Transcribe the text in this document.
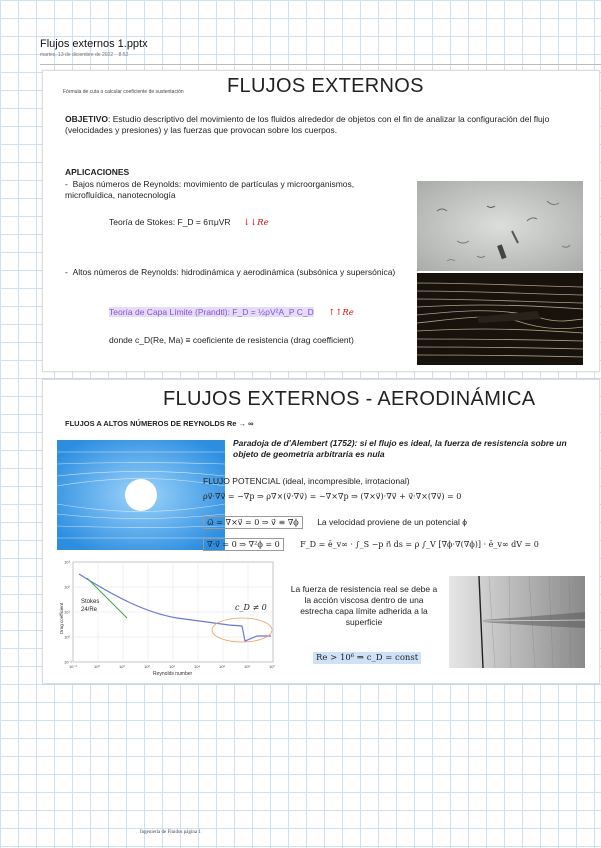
Flujos externos 1.pptx
martes, 13 de diciembre de 2022 8:52
Fórmula de cuta o calcular coeficiente de sustentación FLUJOS EXTERNOS
OBJETIVO: Estudio descriptivo del movimiento de los fluidos alrededor de objetos con el fin de analizar la configuración del flujo (velocidades y presiones) y las fuerzas que provocan sobre los cuerpos.
APLICACIONES
-  Bajos números de Reynolds: movimiento de partículas y microorganismos, microfluídica, nanotecnología
Teoría de Stokes: F_D = 6πμVR ↓↓Re
-  Altos números de Reynolds: hidrodinámica y aerodinámica (subsónica y supersónica)
Teoría de Capa Límite (Prandtl): F_D = ½ρV²A_P C_D ↑↑Re
donde c_D(Re, Ma) ≡ coeficiente de resistencia (drag coefficient)
FLUJOS EXTERNOS - AERODINÁMICA
FLUJOS A ALTOS NÚMEROS DE REYNOLDS Re → ∞
Paradoja de d'Alembert (1752): si el flujo es ideal, la fuerza de resistencia sobre un objeto de geometría arbitraria es nula
FLUJO POTENCIAL (ideal, incompresible, irrotacional)
ρv⃗·∇v⃗ = −∇p ⇒ ρ∇×(v⃗·∇v⃗) = −∇×∇p ⇒ (∇×v⃗)·∇v⃗ + v⃗·∇×(∇v⃗) = 0
ω⃗ = ∇×v⃗ = 0 ⇒ v⃗ ≡ ∇ϕ La velocidad proviene de un potencial ϕ
∇·v⃗ = 0 ⇒ ∇²ϕ = 0	F_D = ē_v∞ · ∫_S −p n⃗ ds = ρ ∫_V [∇ϕ·∇(∇ϕ)] · ē_v∞ dV = 0
Stokes
24/Re	c_D ≠ 0
Drag coefficient
Reynolds number
10⁻¹	10⁰	10¹	10²	10³	10⁴	10⁵	10⁶	10⁷
10³
10²
10¹
10⁰
10⁻¹
La fuerza de resistencia real se debe a la acción viscosa dentro de una estrecha capa límite adherida a la superficie
Re > 10⁶ ⇒ c_D = const
Ingeniería de Fluidos página 1
